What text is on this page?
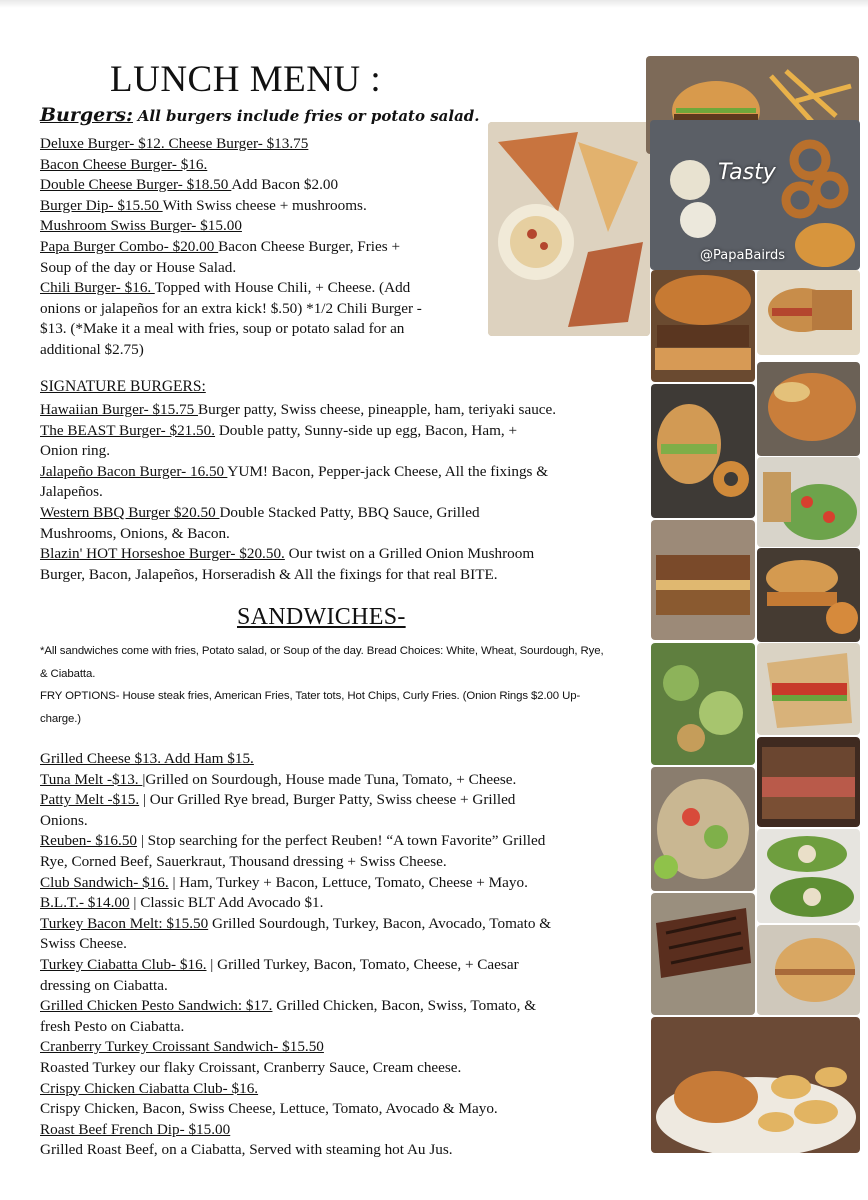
LUNCH MENU :
Burgers: All burgers include fries or potato salad.

Deluxe Burger- $12. Cheese Burger- $13.75

Bacon Cheese Burger- $16.

Double Cheese Burger- $18.50 Add Bacon $2.00

Burger Dip- $15.50 With Swiss cheese + mushrooms.

Mushroom Swiss Burger- $15.00

Papa Burger Combo- $20.00 Bacon Cheese Burger, Fries +

Soup of the day or House Salad.

Chili Burger- $16. Topped with House Chili, + Cheese. (Add

onions or jalapeños for an extra kick! $.50) *1/2 Chili Burger -

$13. (*Make it a meal with fries, soup or potato salad for an

additional $2.75)

SIGNATURE BURGERS:

Hawaiian Burger- $15.75 Burger patty, Swiss cheese, pineapple, ham, teriyaki sauce.

The BEAST Burger- $21.50. Double patty, Sunny-side up egg, Bacon, Ham, +

Onion ring.

Jalapeño Bacon Burger- 16.50 YUM! Bacon, Pepper-jack Cheese, All the fixings &

Jalapeños.

Western BBQ Burger $20.50 Double Stacked Patty, BBQ Sauce, Grilled

Mushrooms, Onions, & Bacon.

Blazin' HOT Horseshoe Burger- $20.50. Our twist on a Grilled Onion Mushroom

Burger, Bacon, Jalapeños, Horseradish & All the fixings for that real BITE.

SANDWICHES-

*All sandwiches come with fries, Potato salad, or Soup of the day. Bread Choices: White, Wheat, Sourdough, Rye,

& Ciabatta.

FRY OPTIONS- House steak fries, American Fries, Tater tots, Hot Chips, Curly Fries. (Onion Rings $2.00 Up-

charge.)

Grilled Cheese $13. Add Ham $15.

Tuna Melt -$13. |Grilled on Sourdough, House made Tuna, Tomato, + Cheese.

Patty Melt -$15. | Our Grilled Rye bread, Burger Patty, Swiss cheese + Grilled

Onions.

Reuben- $16.50 | Stop searching for the perfect Reuben! “A town Favorite” Grilled

Rye, Corned Beef, Sauerkraut, Thousand dressing + Swiss Cheese.

Club Sandwich- $16. | Ham, Turkey + Bacon, Lettuce, Tomato, Cheese + Mayo.

B.L.T.- $14.00 | Classic BLT Add Avocado $1.

Turkey Bacon Melt: $15.50 Grilled Sourdough, Turkey, Bacon, Avocado, Tomato &

Swiss Cheese.

Turkey Ciabatta Club- $16. | Grilled Turkey, Bacon, Tomato, Cheese, + Caesar

dressing on Ciabatta.

Grilled Chicken Pesto Sandwich: $17. Grilled Chicken, Bacon, Swiss, Tomato, &

fresh Pesto on Ciabatta.

Cranberry Turkey Croissant Sandwich- $15.50

Roasted Turkey our flaky Croissant, Cranberry Sauce, Cream cheese.

Crispy Chicken Ciabatta Club- $16.

Crispy Chicken, Bacon, Swiss Cheese, Lettuce, Tomato, Avocado & Mayo.

Roast Beef French Dip- $15.00

Grilled Roast Beef, on a Ciabatta, Served with steaming hot Au Jus.

Tasty
@PapaBairds
